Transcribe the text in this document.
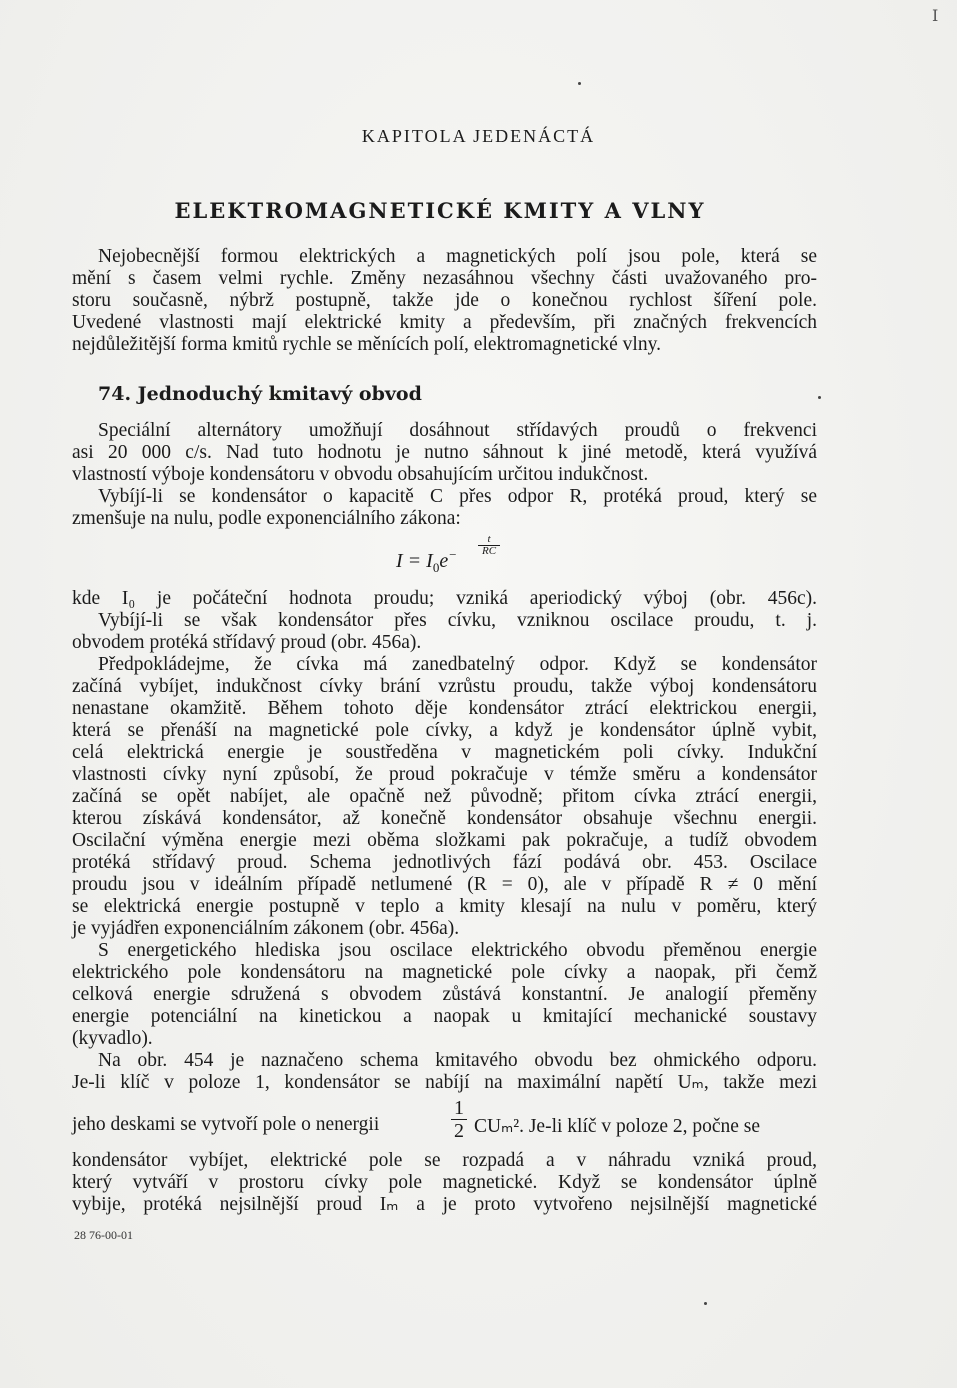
I
KAPITOLA JEDENÁCTÁ
ELEKTROMAGNETICKÉ KMITY A VLNY
Nejobecnější formou elektrických a magnetických polí jsou pole, která se
mění s časem velmi rychle. Změny nezasáhnou všechny části uvažovaného pro-
storu současně, nýbrž postupně, takže jde o konečnou rychlost šíření pole.
Uvedené vlastnosti mají elektrické kmity a především, při značných frekvencích
nejdůležitější forma kmitů rychle se měnících polí, elektromagnetické vlny.
74. Jednoduchý kmitavý obvod
Speciální alternátory umožňují dosáhnout střídavých proudů o frekvenci
asi 20 000 c/s. Nad tuto hodnotu je nutno sáhnout k jiné metodě, která využívá
vlastností výboje kondensátoru v obvodu obsahujícím určitou indukčnost.
Vybíjí-li se kondensátor o kapacitě C přes odpor R, protéká proud, který se
zmenšuje na nulu, podle exponenciálního zákona:
$I = I_0e^- \frac{t}{RC}$
kde I₀ je počáteční hodnota proudu; vzniká aperiodický výboj (obr. 456c).
Vybíjí-li se však kondensátor přes cívku, vzniknou oscilace proudu, t. j.
obvodem protéká střídavý proud (obr. 456a).
Předpokládejme, že cívka má zanedbatelný odpor. Když se kondensátor
začíná vybíjet, indukčnost cívky brání vzrůstu proudu, takže výboj kondensátoru
nenastane okamžitě. Během tohoto děje kondensátor ztrácí elektrickou energii,
která se přenáší na magnetické pole cívky, a když je kondensátor úplně vybit,
celá elektrická energie je soustředěna v magnetickém poli cívky. Indukční
vlastnosti cívky nyní způsobí, že proud pokračuje v témže směru a kondensátor
začíná se opět nabíjet, ale opačně než původně; přitom cívka ztrácí energii,
kterou získává kondensátor, až konečně kondensátor obsahuje všechnu energii.
Oscilační výměna energie mezi oběma složkami pak pokračuje, a tudíž obvodem
protéká střídavý proud. Schema jednotlivých fází podává obr. 453. Oscilace
proudu jsou v ideálním případě netlumené (R = 0), ale v případě R ≠ 0 mění
se elektrická energie postupně v teplo a kmity klesají na nulu v poměru, který
je vyjádřen exponenciálním zákonem (obr. 456a).
S energetického hlediska jsou oscilace elektrického obvodu přeměnou energie
elektrického pole kondensátoru na magnetické pole cívky a naopak, při čemž
celková energie sdružená s obvodem zůstává konstantní. Je analogií přeměny
energie potenciální na kinetickou a naopak u kmitající mechanické soustavy
(kyvadlo).
Na obr. 454 je naznačeno schema kmitavého obvodu bez ohmického odporu.
Je-li klíč v poloze 1, kondensátor se nabíjí na maximální napětí Uₘ, takže mezi
jeho deskami se vytvoří pole o nenergii	CUₘ². Je-li klíč v poloze 2, počne se
$\frac{1}{2}$
kondensátor vybíjet, elektrické pole se rozpadá a v náhradu vzniká proud,
který vytváří v prostoru cívky pole magnetické. Když se kondensátor úplně
vybije, protéká nejsilnější proud Iₘ a je proto vytvořeno nejsilnější magnetické
28 76-00-01
